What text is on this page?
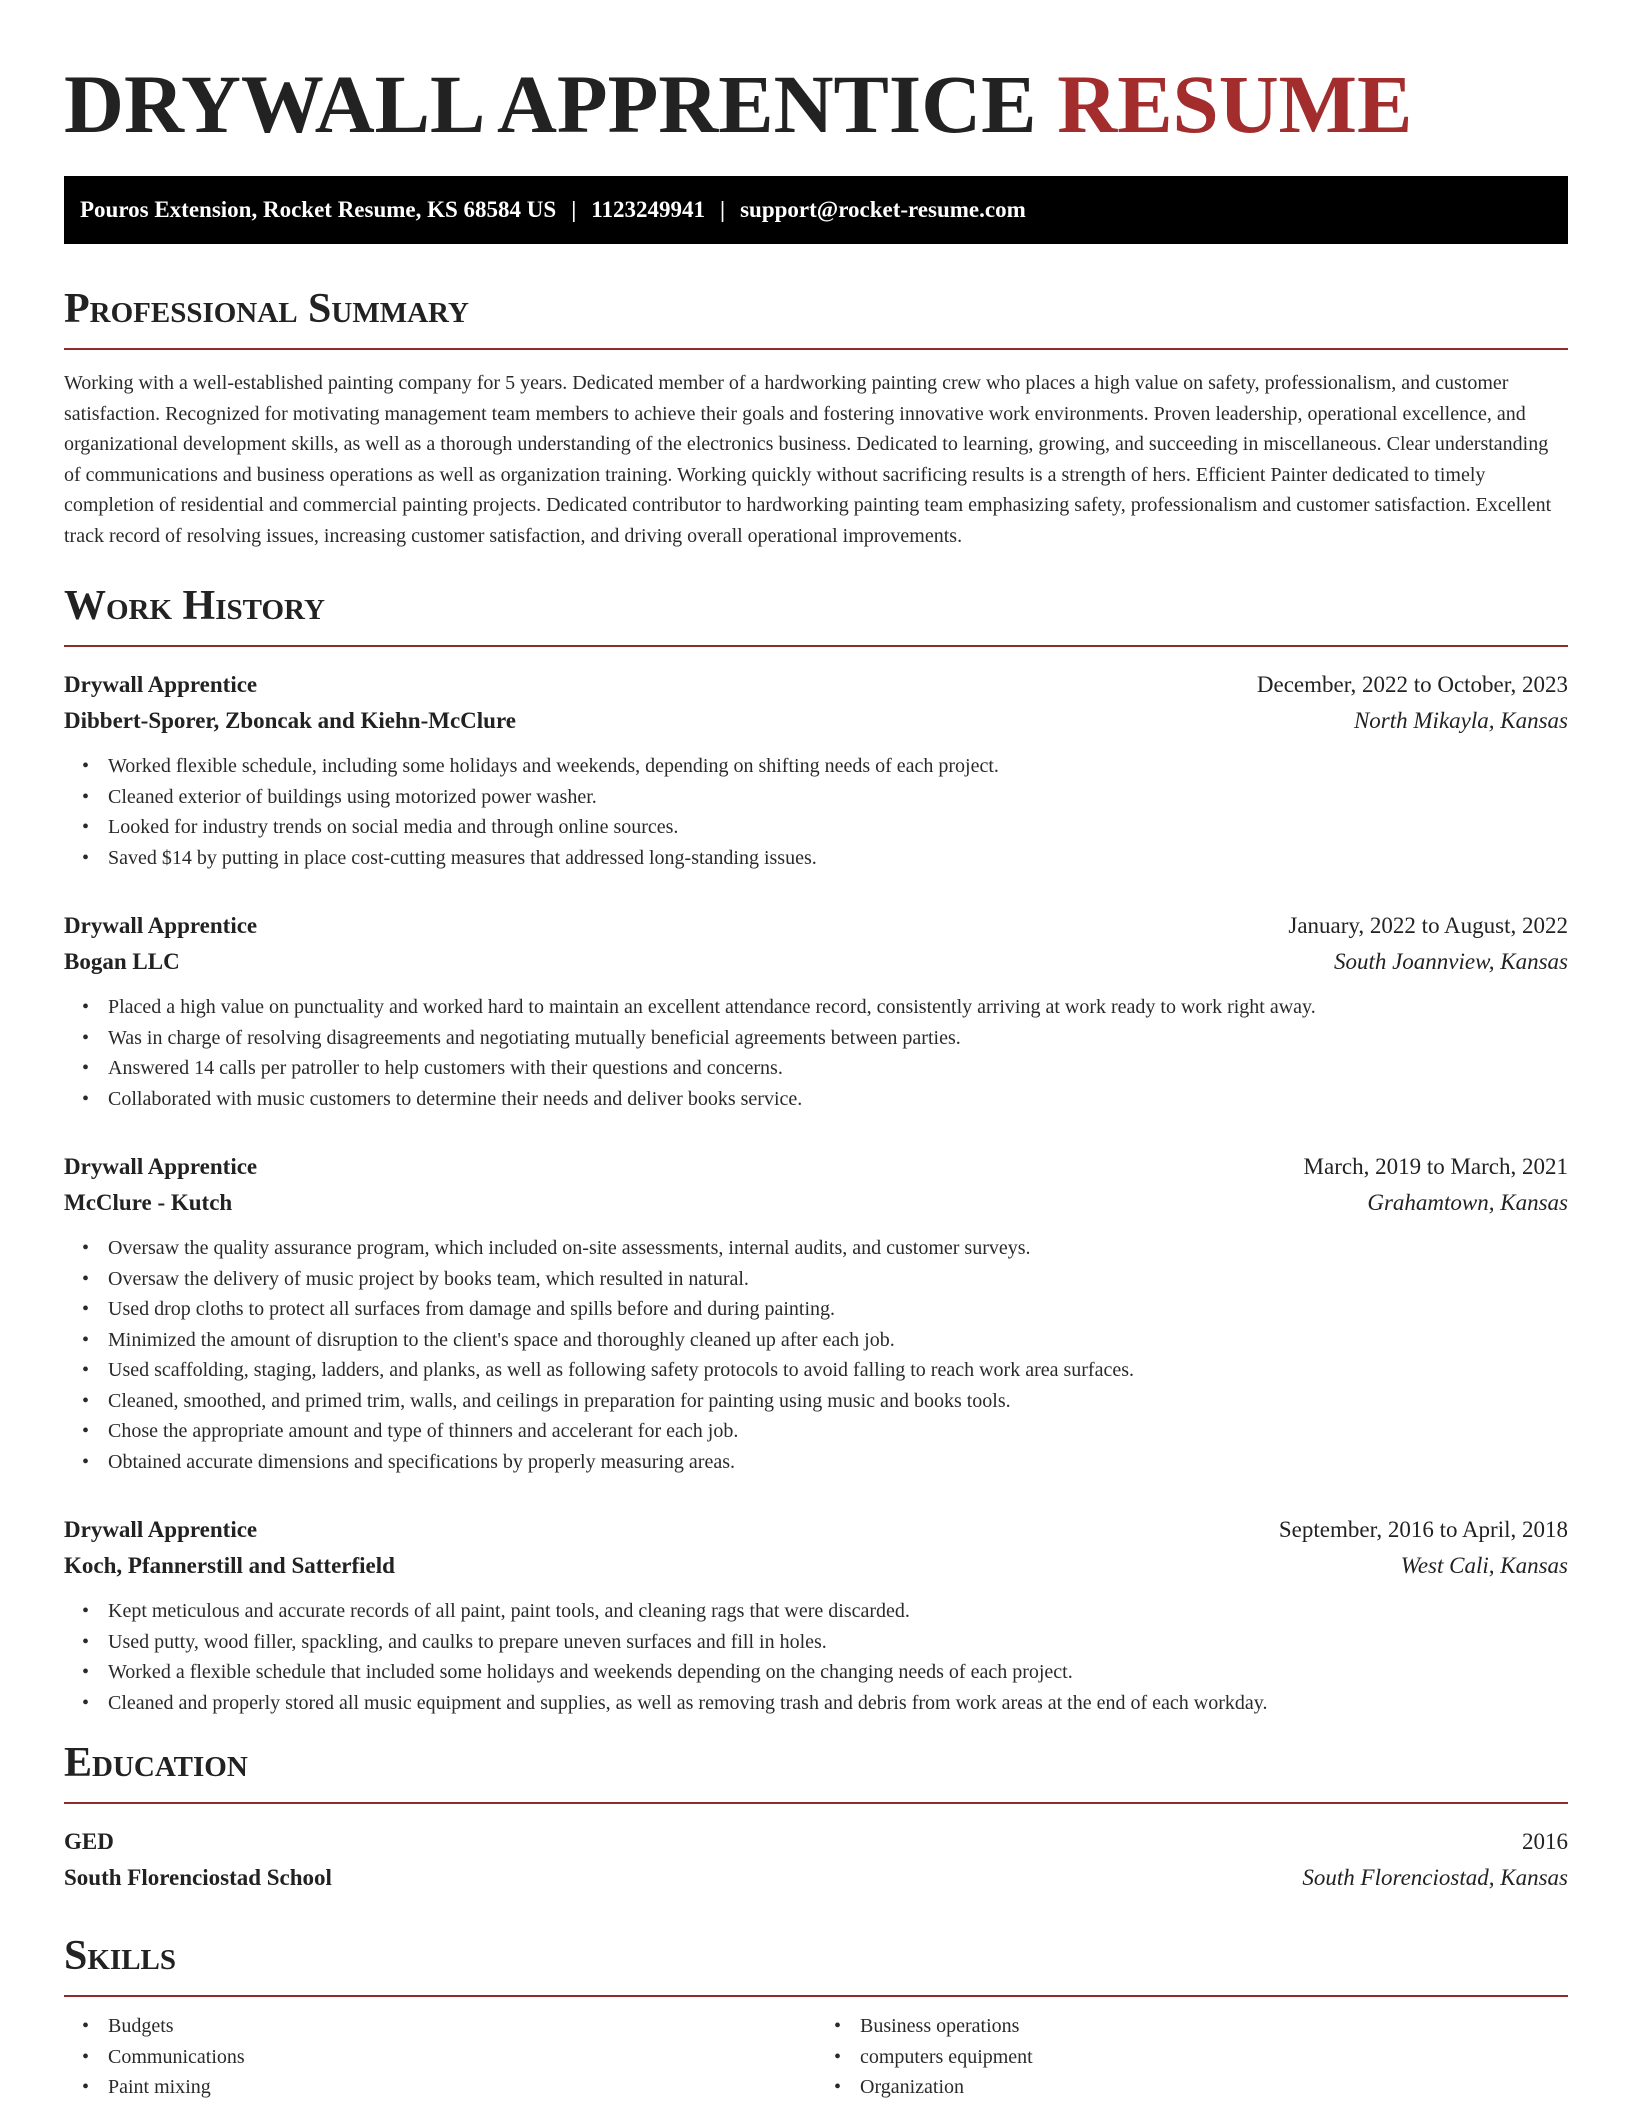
DRYWALL APPRENTICE RESUME
Pouros Extension, Rocket Resume, KS 68584 US | 1123249941 | support@rocket-resume.com
Professional Summary

Working with a well-established painting company for 5 years. Dedicated member of a hardworking painting crew who places a high value on safety, professionalism, and customer satisfaction. Recognized for motivating management team members to achieve their goals and fostering innovative work environments. Proven leadership, operational excellence, and organizational development skills, as well as a thorough understanding of the electronics business. Dedicated to learning, growing, and succeeding in miscellaneous. Clear understanding of communications and business operations as well as organization training. Working quickly without sacrificing results is a strength of hers. Efficient Painter dedicated to timely completion of residential and commercial painting projects. Dedicated contributor to hardworking painting team emphasizing safety, professionalism and customer satisfaction. Excellent track record of resolving issues, increasing customer satisfaction, and driving overall operational improvements.

Work History
Drywall Apprentice	December, 2022 to October, 2023
Dibbert-Sporer, Zboncak and Kiehn-McClure	North Mikayla, Kansas
• Worked flexible schedule, including some holidays and weekends, depending on shifting needs of each project.
• Cleaned exterior of buildings using motorized power washer.
• Looked for industry trends on social media and through online sources.
• Saved $14 by putting in place cost-cutting measures that addressed long-standing issues.
Drywall Apprentice	January, 2022 to August, 2022
Bogan LLC	South Joannview, Kansas
• Placed a high value on punctuality and worked hard to maintain an excellent attendance record, consistently arriving at work ready to work right away.
• Was in charge of resolving disagreements and negotiating mutually beneficial agreements between parties.
• Answered 14 calls per patroller to help customers with their questions and concerns.
• Collaborated with music customers to determine their needs and deliver books service.
Drywall Apprentice	March, 2019 to March, 2021
McClure - Kutch	Grahamtown, Kansas
• Oversaw the quality assurance program, which included on-site assessments, internal audits, and customer surveys.
• Oversaw the delivery of music project by books team, which resulted in natural.
• Used drop cloths to protect all surfaces from damage and spills before and during painting.
• Minimized the amount of disruption to the client's space and thoroughly cleaned up after each job.
• Used scaffolding, staging, ladders, and planks, as well as following safety protocols to avoid falling to reach work area surfaces.
• Cleaned, smoothed, and primed trim, walls, and ceilings in preparation for painting using music and books tools.
• Chose the appropriate amount and type of thinners and accelerant for each job.
• Obtained accurate dimensions and specifications by properly measuring areas.
Drywall Apprentice	September, 2016 to April, 2018
Koch, Pfannerstill and Satterfield	West Cali, Kansas
• Kept meticulous and accurate records of all paint, paint tools, and cleaning rags that were discarded.
• Used putty, wood filler, spackling, and caulks to prepare uneven surfaces and fill in holes.
• Worked a flexible schedule that included some holidays and weekends depending on the changing needs of each project.
• Cleaned and properly stored all music equipment and supplies, as well as removing trash and debris from work areas at the end of each workday.
Education
GED	2016
South Florenciostad School	South Florenciostad, Kansas
Skills
• Budgets
• Communications
• Paint mixing
• Business operations
• computers equipment
• Organization
